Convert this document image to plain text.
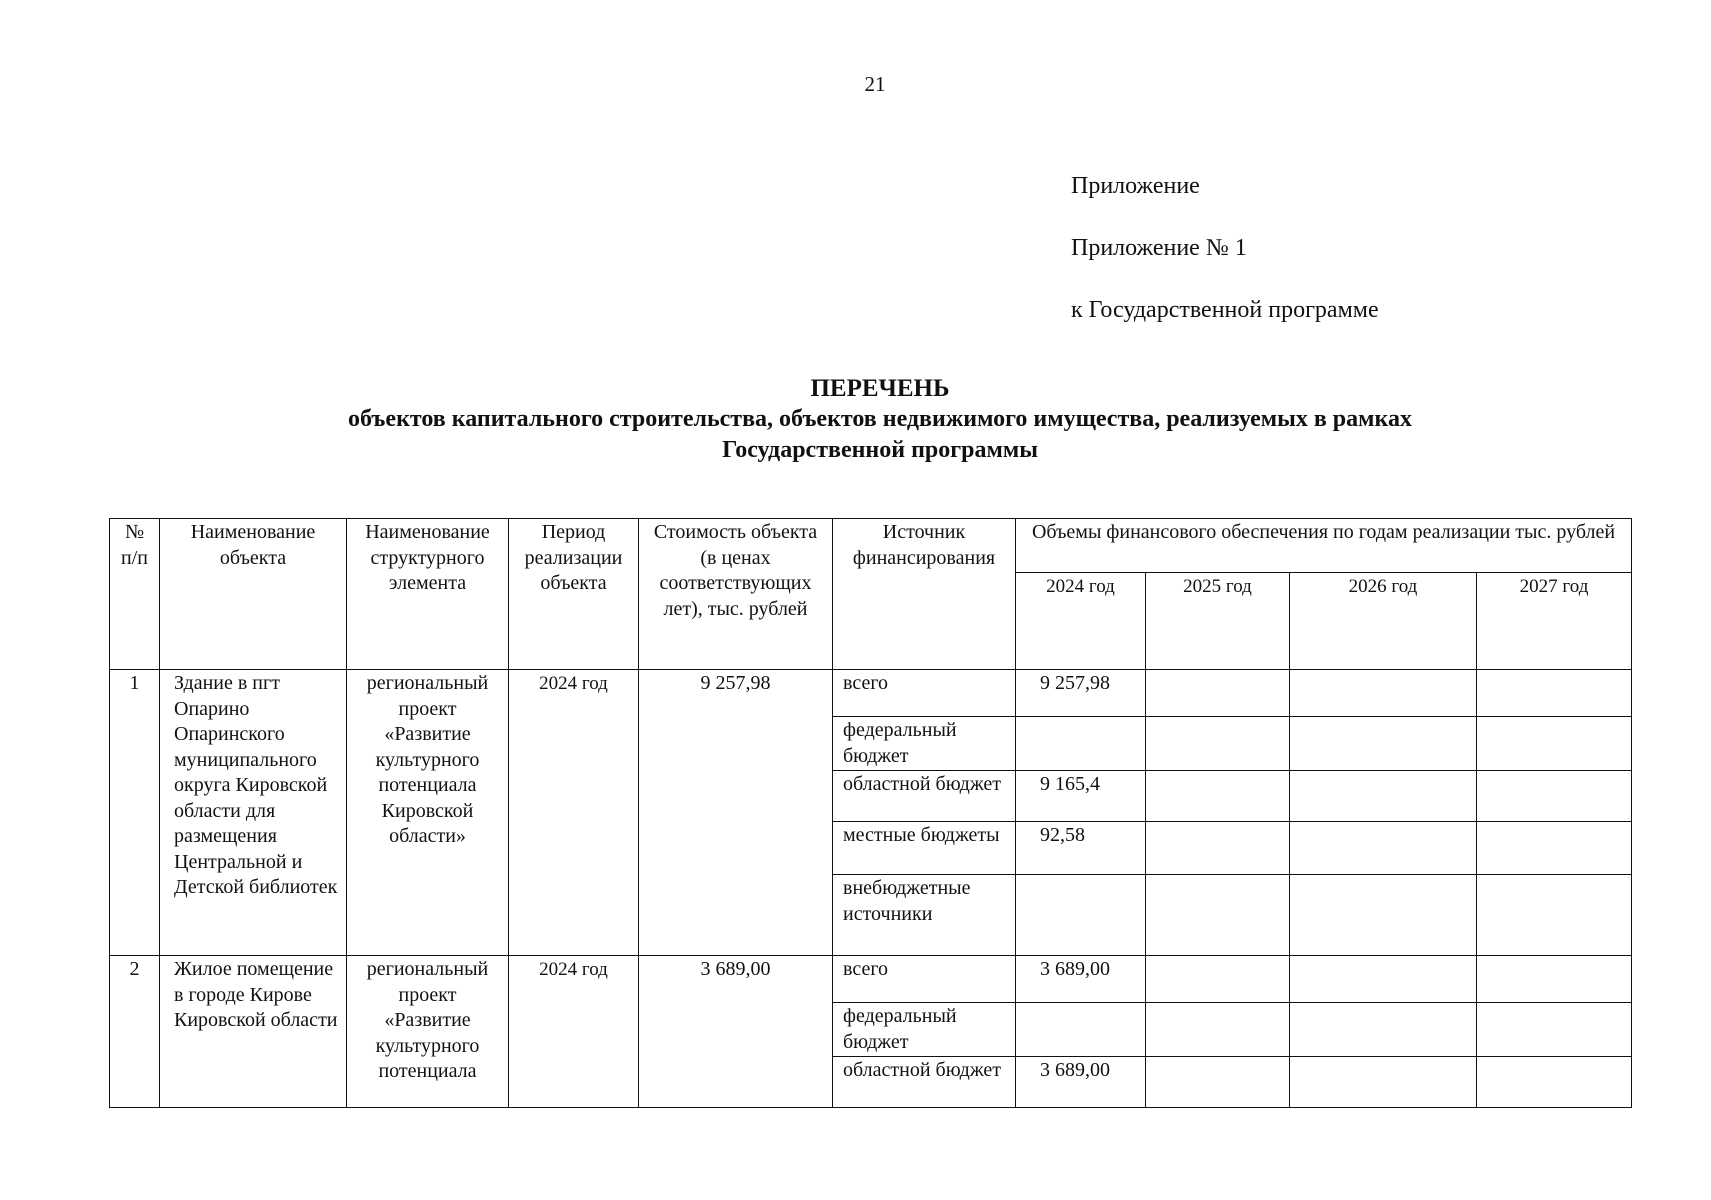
21
Приложение
Приложение № 1
к Государственной программе
ПЕРЕЧЕНЬ
объектов капитального строительства, объектов недвижимого имущества, реализуемых в рамках
Государственной программы
№ п/п	Наименование объекта	Наименование структурного элемента	Период реализации объекта	Стоимость объекта (в ценах соответствующих лет), тыс. рублей	Источник финансирования	Объемы финансового обеспечения по годам реализации тыс. рублей			
						2024 год	2025 год	2026 год	2027 год
1	Здание в пгт Опарино Опаринского муниципального округа Кировской области для размещения Центральной и Детской библиотек	региональный проект «Развитие культурного потенциала Кировской области»	2024 год	9 257,98	всего	9 257,98			
					федеральный бюджет				
					областной бюджет	9 165,4			
					местные бюджеты	92,58			
					внебюджетные источники				
2	Жилое помещение в городе Кирове Кировской области	региональный проект «Развитие культурного потенциала	2024 год	3 689,00	всего	3 689,00			
					федеральный бюджет				
					областной бюджет	3 689,00			
